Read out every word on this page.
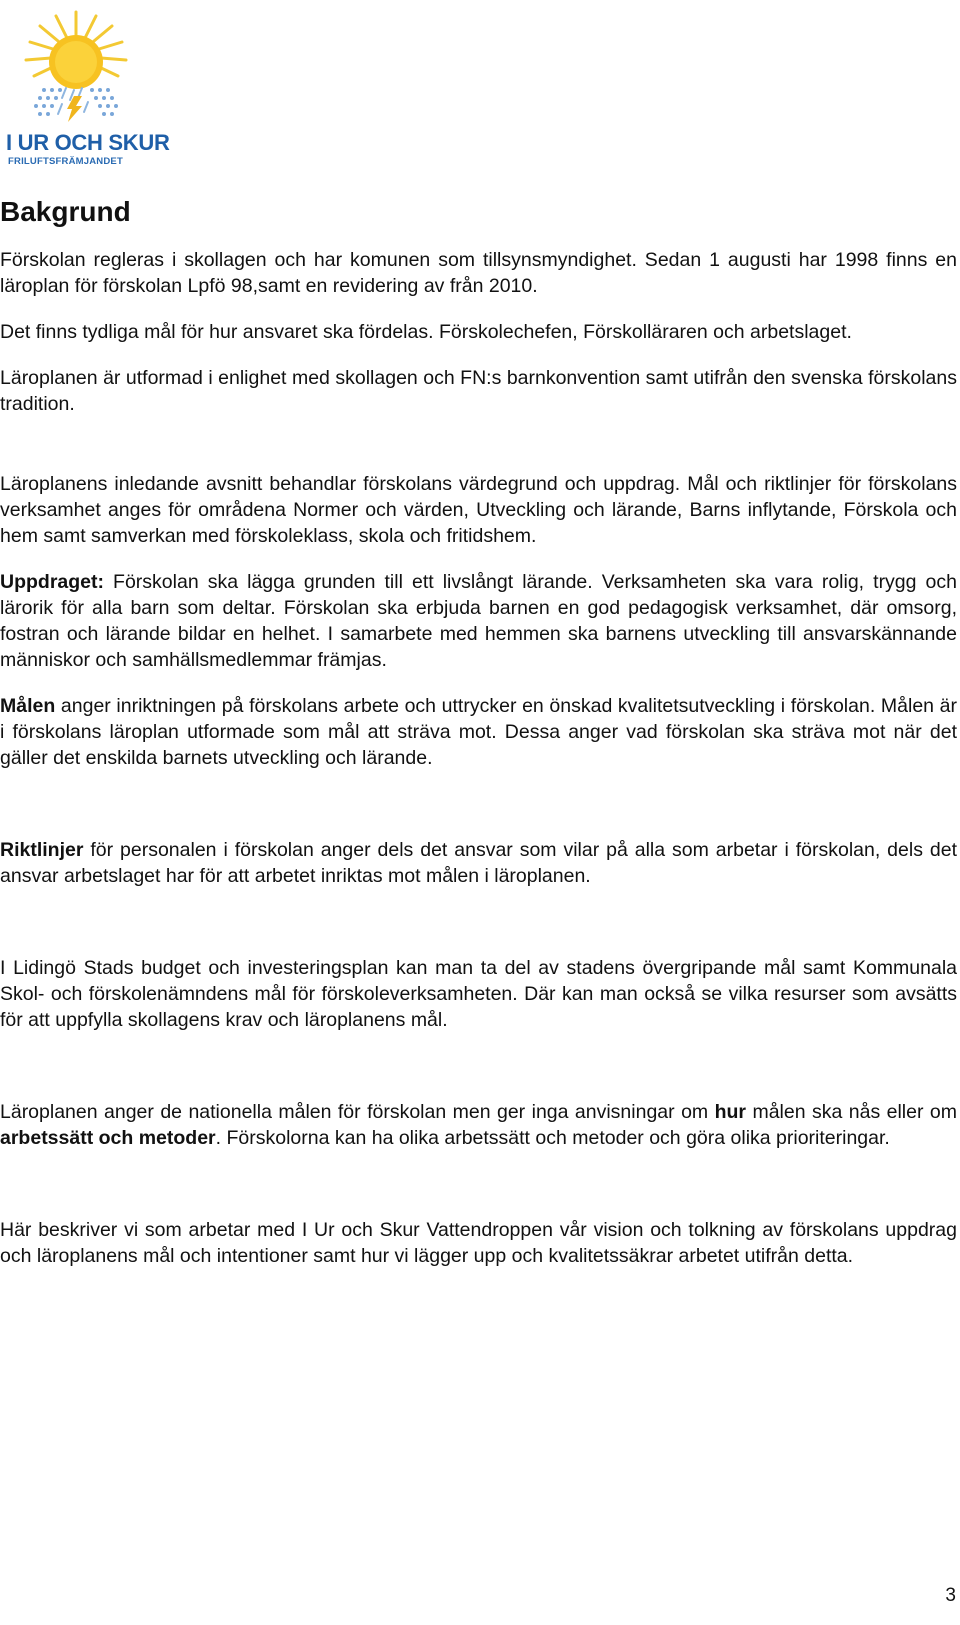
I UR OCH SKUR
FRILUFTSFRÄMJANDET
Bakgrund

Förskolan regleras i skollagen och har komunen som tillsynsmyndighet. Sedan 1 augusti har 1998 finns en läroplan för förskolan Lpfö 98,samt en revidering av från 2010.

Det finns tydliga mål för hur ansvaret ska fördelas. Förskolechefen, Förskolläraren och arbetslaget.

Läroplanen är utformad i enlighet med skollagen och FN:s barnkonvention samt utifrån den svenska förskolans tradition.

Läroplanens inledande avsnitt behandlar förskolans värdegrund och uppdrag. Mål och riktlinjer för förskolans verksamhet anges för områdena Normer och värden, Utveckling och lärande, Barns inflytande, Förskola och hem samt samverkan med förskoleklass, skola och fritidshem.

Uppdraget: Förskolan ska lägga grunden till ett livslångt lärande. Verksamheten ska vara rolig, trygg och lärorik för alla barn som deltar. Förskolan ska erbjuda barnen en god pedagogisk verksamhet, där omsorg, fostran och lärande bildar en helhet. I samarbete med hemmen ska barnens utveckling till ansvarskännande människor och samhällsmedlemmar främjas.

Målen anger inriktningen på förskolans arbete och uttrycker en önskad kvalitetsutveckling i förskolan. Målen är i förskolans läroplan utformade som mål att sträva mot. Dessa anger vad förskolan ska sträva mot när det gäller det enskilda barnets utveckling och lärande.

Riktlinjer för personalen i förskolan anger dels det ansvar som vilar på alla som arbetar i förskolan, dels det ansvar arbetslaget har för att arbetet inriktas mot målen i läroplanen.

I Lidingö Stads budget och investeringsplan kan man ta del av stadens övergripande mål samt Kommunala Skol- och förskolenämndens mål för förskoleverksamheten. Där kan man också se vilka resurser som avsätts för att uppfylla skollagens krav och läroplanens mål.

Läroplanen anger de nationella målen för förskolan men ger inga anvisningar om hur målen ska nås eller om arbetssätt och metoder. Förskolorna kan ha olika arbetssätt och metoder och göra olika prioriteringar.

Här beskriver vi som arbetar med I Ur och Skur Vattendroppen vår vision och tolkning av förskolans uppdrag och läroplanens mål och intentioner samt hur vi lägger upp och kvalitetssäkrar arbetet utifrån detta.

3
